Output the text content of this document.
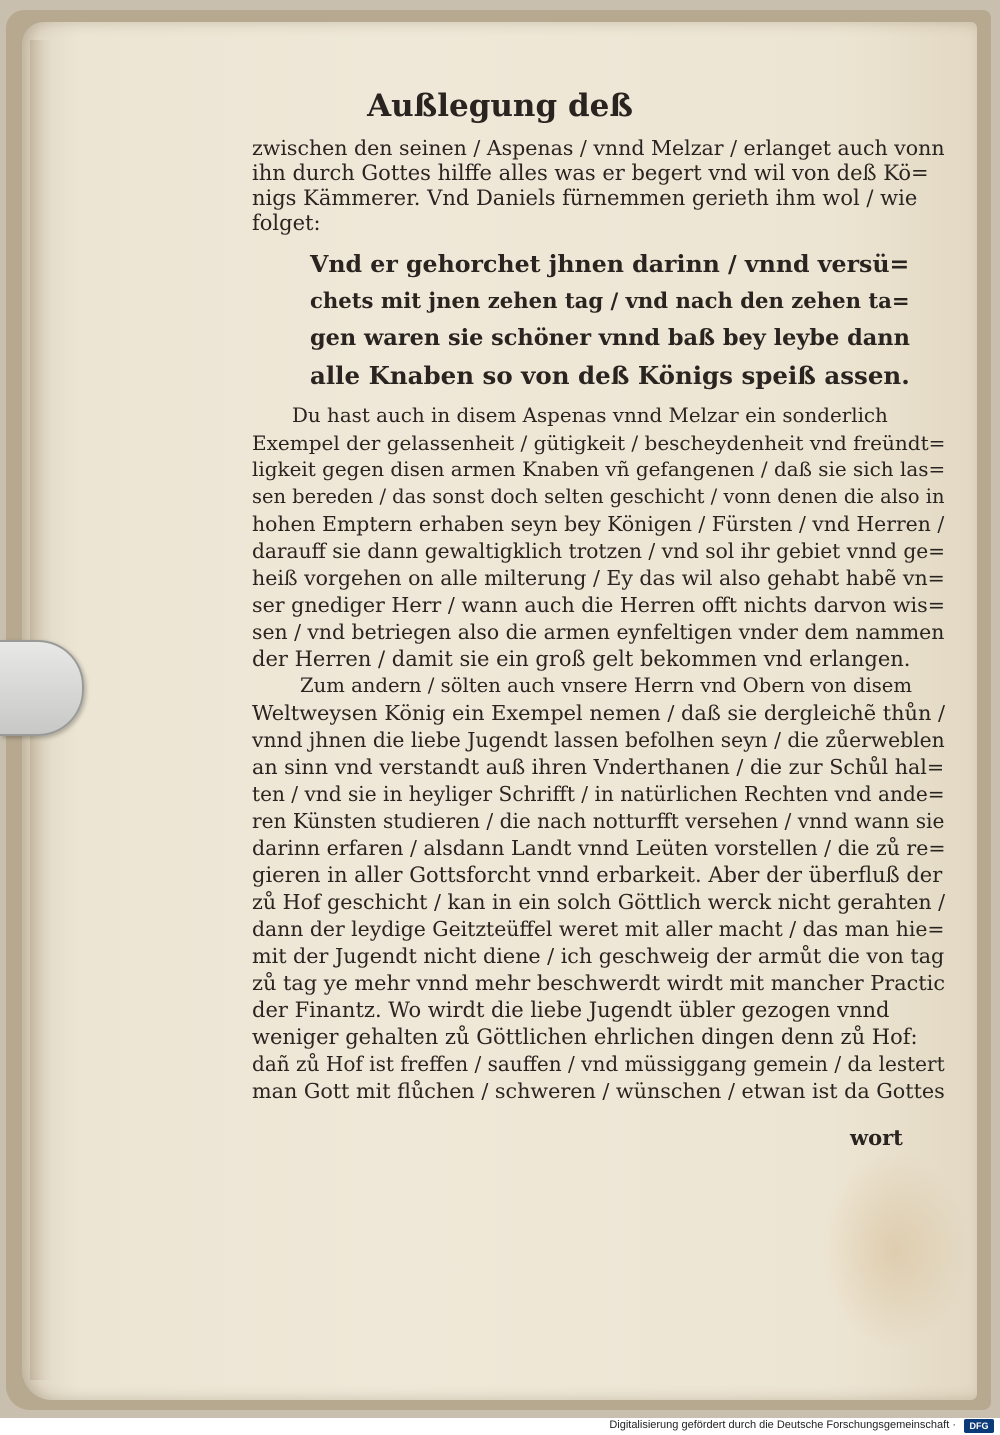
Außlegung deß
zwischen den seinen / Aspenas / vnnd Melzar / erlanget auch vonn
ihn durch Gottes hilffe alles was er begert vnd wil von deß Kö=
nigs Kämmerer. Vnd Daniels fürnemmen gerieth ihm wol / wie
folget:
Vnd er gehorchet jhnen darinn / vnnd versü=
chets mit jnen zehen tag / vnd nach den zehen ta=
gen waren sie schöner vnnd baß bey leybe dann
alle Knaben so von deß Königs speiß assen.
Du hast auch in disem Aspenas vnnd Melzar ein sonderlich
Exempel der gelassenheit / gütigkeit / bescheydenheit vnd freündt=
ligkeit gegen disen armen Knaben vñ gefangenen / daß sie sich las=
sen bereden / das sonst doch selten geschicht / vonn denen die also in
hohen Emptern erhaben seyn bey Königen / Fürsten / vnd Herren /
darauff sie dann gewaltigklich trotzen / vnd sol ihr gebiet vnnd ge=
heiß vorgehen on alle milterung / Ey das wil also gehabt habẽ vn=
ser gnediger Herr / wann auch die Herren offt nichts darvon wis=
sen / vnd betriegen also die armen eynfeltigen vnder dem nammen
der Herren / damit sie ein groß gelt bekommen vnd erlangen.
Zum andern / sölten auch vnsere Herrn vnd Obern von disem
Weltweysen König ein Exempel nemen / daß sie dergleichẽ thůn /
vnnd jhnen die liebe Jugendt lassen befolhen seyn / die zůerweblen
an sinn vnd verstandt auß ihren Vnderthanen / die zur Schůl hal=
ten / vnd sie in heyliger Schrifft / in natürlichen Rechten vnd ande=
ren Künsten studieren / die nach notturfft versehen / vnnd wann sie
darinn erfaren / alsdann Landt vnnd Leüten vorstellen / die zů re=
gieren in aller Gottsforcht vnnd erbarkeit. Aber der überfluß der
zů Hof geschicht / kan in ein solch Göttlich werck nicht gerahten /
dann der leydige Geitzteüffel weret mit aller macht / das man hie=
mit der Jugendt nicht diene / ich geschweig der armůt die von tag
zů tag ye mehr vnnd mehr beschwerdt wirdt mit mancher Practic
der Finantz. Wo wirdt die liebe Jugendt übler gezogen vnnd
weniger gehalten zů Göttlichen ehrlichen dingen denn zů Hof:
dañ zů Hof ist freffen / sauffen / vnd müssiggang gemein / da lestert
man Gott mit flůchen / schweren / wünschen / etwan ist da Gottes
wort
Digitalisierung gefördert durch die Deutsche Forschungsgemeinschaft ·	DFG
